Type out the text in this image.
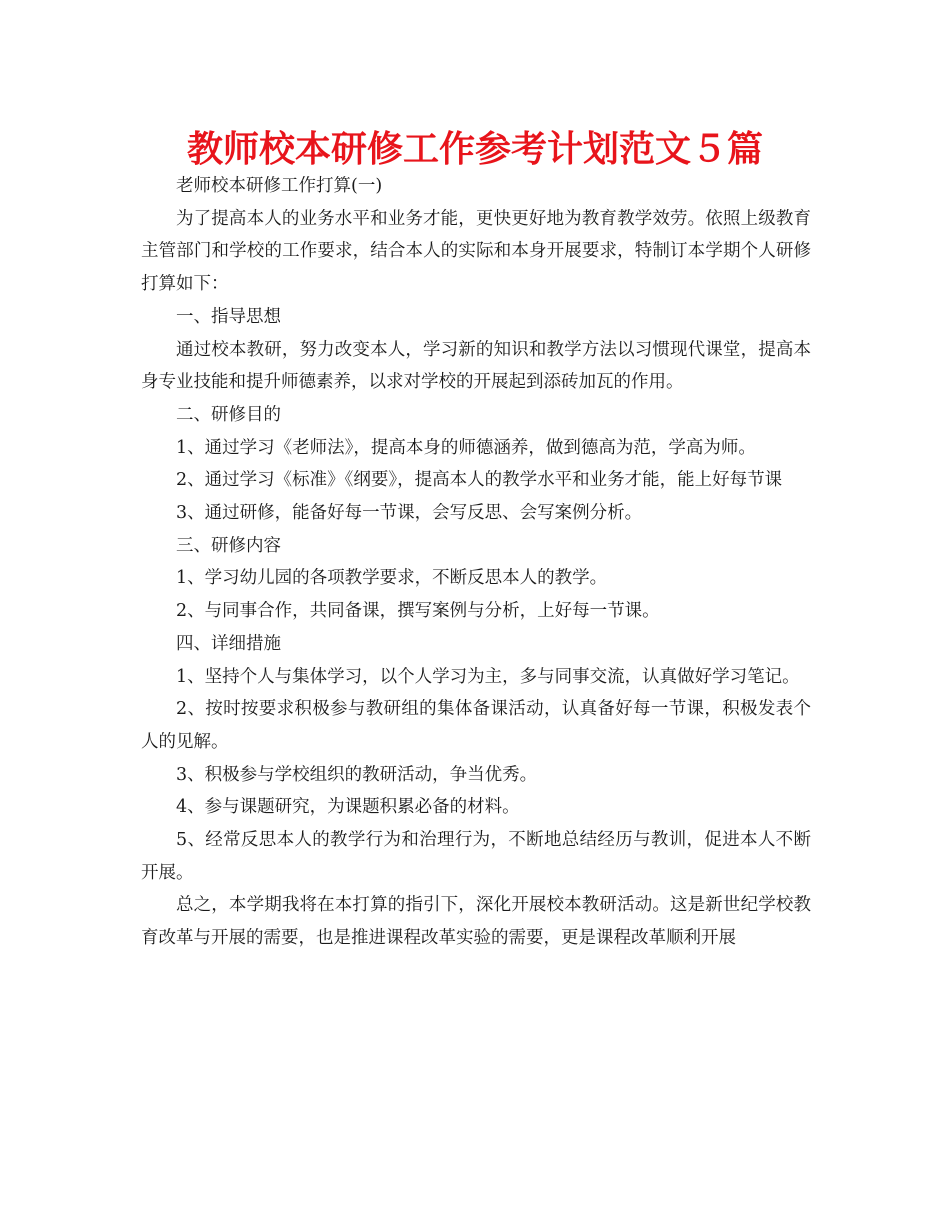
教师校本研修工作参考计划范文５篇

老师校本研修工作打算(一)

为了提高本人的业务水平和业务才能，更快更好地为教育教学效劳。依照上级教育主管部门和学校的工作要求，结合本人的实际和本身开展要求，特制订本学期个人研修打算如下：

一、指导思想

通过校本教研，努力改变本人，学习新的知识和教学方法以习惯现代课堂，提高本身专业技能和提升师德素养，以求对学校的开展起到添砖加瓦的作用。

二、研修目的

1、通过学习《老师法》，提高本身的师德涵养，做到德高为范，学高为师。

2、通过学习《标准》《纲要》，提高本人的教学水平和业务才能，能上好每节课

3、通过研修，能备好每一节课，会写反思、会写案例分析。

三、研修内容

1、学习幼儿园的各项教学要求，不断反思本人的教学。

2、与同事合作，共同备课，撰写案例与分析，上好每一节课。

四、详细措施

1、坚持个人与集体学习，以个人学习为主，多与同事交流，认真做好学习笔记。

2、按时按要求积极参与教研组的集体备课活动，认真备好每一节课，积极发表个人的见解。

3、积极参与学校组织的教研活动，争当优秀。

4、参与课题研究，为课题积累必备的材料。

5、经常反思本人的教学行为和治理行为，不断地总结经历与教训，促进本人不断开展。

总之，本学期我将在本打算的指引下，深化开展校本教研活动。这是新世纪学校教育改革与开展的需要，也是推进课程改革实验的需要，更是课程改革顺利开展
